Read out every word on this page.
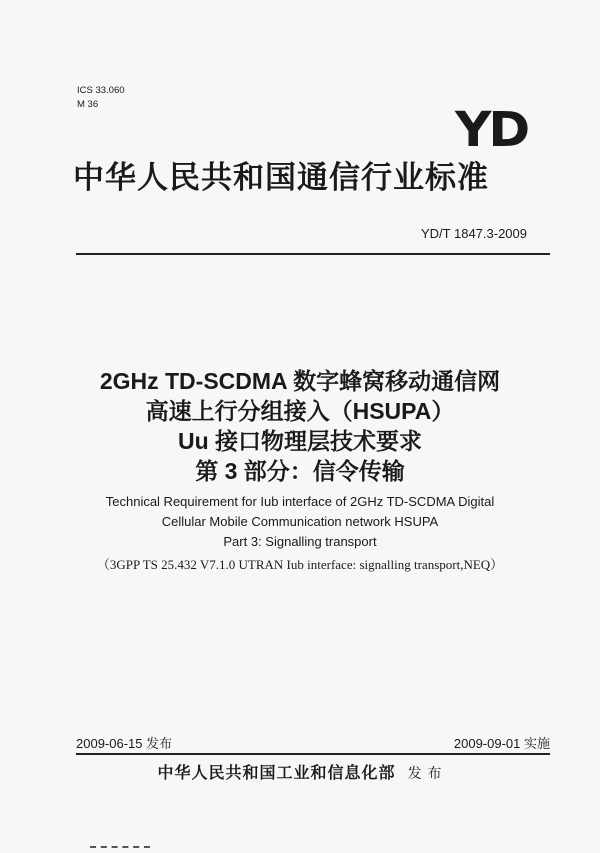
ICS 33.060
M 36	YD
中华人民共和国通信行业标准
YD/T 1847.3-2009
2GHz TD-SCDMA 数字蜂窝移动通信网
高速上行分组接入（HSUPA）
Uu 接口物理层技术要求
第 3 部分：信令传输
Technical Requirement for Iub interface of 2GHz TD-SCDMA Digital
Cellular Mobile Communication network HSUPA
Part 3: Signalling transport
（3GPP TS 25.432 V7.1.0 UTRAN Iub interface: signalling transport,NEQ）
2009-06-15 发布	2009-09-01 实施
中华人民共和国工业和信息化部 发 布
